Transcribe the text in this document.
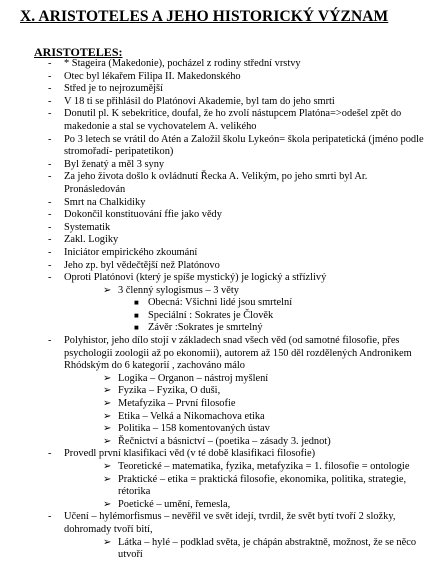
X. ARISTOTELES A JEHO HISTORICKÝ VÝZNAM
ARISTOTELES:
- * Stageira (Makedonie), pocházel z rodiny střední vrstvy
- Otec byl lékařem Filipa II. Makedonského
- Střed je to nejrozumější
- V 18 ti se přihlásil do Platónovi Akademie, byl tam do jeho smrti
- Donutil pl. K sebekritice, doufal, že ho zvolí nástupcem Platóna=>odešel zpět do makedonie a stal se vychovatelem A. velikého
- Po 3 letech se vrátil do Atén a Založil školu Lykeón= škola peripatetická (jméno podle stromořadí- peripatetikon)
- Byl ženatý a měl 3 syny
- Za jeho života došlo k ovládnutí Řecka A. Velikým, po jeho smrti byl Ar. Pronásledován
- Smrt na Chalkidiky
- Dokončil konstituování ffie jako vědy
- Systematik
- Zakl. Logiky
- Iniciátor empirického zkoumání
- Jeho zp. byl vědečtější než Platónovo
- Oproti Platónovi (který je spíše mystický) je logický a střízlivý
➢ 3 členný sylogismus – 3 věty
■ Obecná: Všichni lidé jsou smrtelní
■ Speciální : Sokrates je Člověk
■ Závěr :Sokrates je smrtelný
- Polyhistor, jeho dílo stojí v základech snad všech věd (od samotné filosofie, přes psychologii zoologii až po ekonomii), autorem až 150 děl rozdělených Andronikem Rhódským do 6 kategorií , zachováno málo
➢ Logika – Organon – nástroj myšlení
➢ Fyzika – Fyzika, O duši,
➢ Metafyzika – První filosofie
➢ Etika – Velká a Nikomachova etika
➢ Politika – 158 komentovaných ústav
➢ Řečnictví a básnictví – (poetika – zásady 3. jednot)
- Provedl první klasifikaci věd (v té době klasifikaci filosofie)
➢ Teoretické – matematika, fyzika, metafyzika = 1. filosofie = ontologie
➢ Praktické – etika = praktická filosofie, ekonomika, politika, strategie, rétorika
➢ Poetické – umění, řemesla,
- Učení – hylémorfismus – nevěřil ve svět idejí, tvrdil, že svět bytí tvoří 2 složky, dohromady tvoří bití,
➢ Látka – hylé – podklad světa, je chápán abstraktně, možnost, že se něco utvoří
